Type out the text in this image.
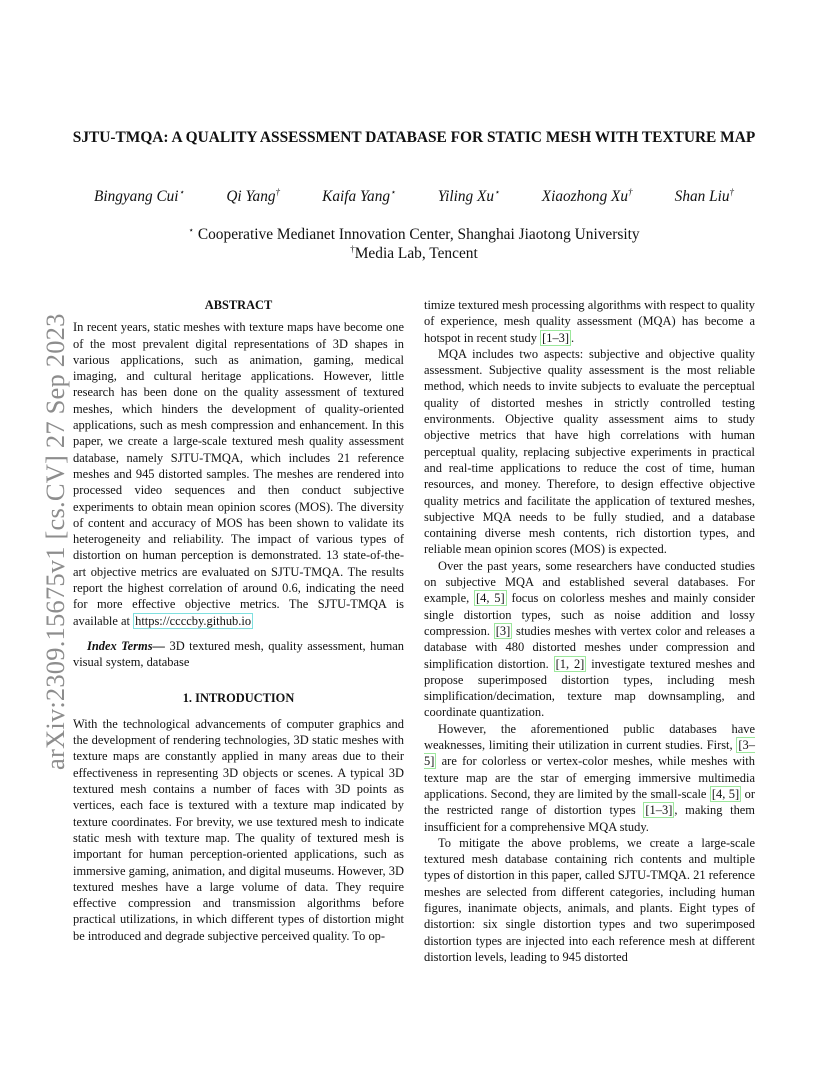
arXiv:2309.15675v1 [cs.CV] 27 Sep 2023
SJTU-TMQA: A QUALITY ASSESSMENT DATABASE FOR STATIC MESH WITH TEXTURE MAP
Bingyang Cui⋆	Qi Yang†	Kaifa Yang⋆	Yiling Xu⋆	Xiaozhong Xu†	Shan Liu†
⋆ Cooperative Medianet Innovation Center, Shanghai Jiaotong University
†Media Lab, Tencent
ABSTRACT

In recent years, static meshes with texture maps have become one of the most prevalent digital representations of 3D shapes in various applications, such as animation, gaming, medical imaging, and cultural heritage applications. However, little research has been done on the quality assessment of textured meshes, which hinders the development of quality-oriented applications, such as mesh compression and enhancement. In this paper, we create a large-scale textured mesh quality assessment database, namely SJTU-TMQA, which includes 21 reference meshes and 945 distorted samples. The meshes are rendered into processed video sequences and then conduct subjective experiments to obtain mean opinion scores (MOS). The diversity of content and accuracy of MOS has been shown to validate its heterogeneity and reliability. The impact of various types of distortion on human perception is demonstrated. 13 state-of-the-art objective metrics are evaluated on SJTU-TMQA. The results report the highest correlation of around 0.6, indicating the need for more effective objective metrics. The SJTU-TMQA is available at https://ccccby.github.io

Index Terms— 3D textured mesh, quality assessment, human visual system, database

1. INTRODUCTION

With the technological advancements of computer graphics and the development of rendering technologies, 3D static meshes with texture maps are constantly applied in many areas due to their effectiveness in representing 3D objects or scenes. A typical 3D textured mesh contains a number of faces with 3D points as vertices, each face is textured with a texture map indicated by texture coordinates. For brevity, we use textured mesh to indicate static mesh with texture map. The quality of textured mesh is important for human perception-oriented applications, such as immersive gaming, animation, and digital museums. However, 3D textured meshes have a large volume of data. They require effective compression and transmission algorithms before practical utilizations, in which different types of distortion might be introduced and degrade subjective perceived quality. To op-

timize textured mesh processing algorithms with respect to quality of experience, mesh quality assessment (MQA) has become a hotspot in recent study [1–3] .

MQA includes two aspects: subjective and objective quality assessment. Subjective quality assessment is the most reliable method, which needs to invite subjects to evaluate the perceptual quality of distorted meshes in strictly controlled testing environments. Objective quality assessment aims to study objective metrics that have high correlations with human perceptual quality, replacing subjective experiments in practical and real-time applications to reduce the cost of time, human resources, and money. Therefore, to design effective objective quality metrics and facilitate the application of textured meshes, subjective MQA needs to be fully studied, and a database containing diverse mesh contents, rich distortion types, and reliable mean opinion scores (MOS) is expected.

Over the past years, some researchers have conducted studies on subjective MQA and established several databases. For example, [4, 5] focus on colorless meshes and mainly consider single distortion types, such as noise addition and lossy compression. [3] studies meshes with vertex color and releases a database with 480 distorted meshes under compression and simplification distortion. [1, 2] investigate textured meshes and propose superimposed distortion types, including mesh simplification/decimation, texture map downsampling, and coordinate quantization.

However, the aforementioned public databases have weaknesses, limiting their utilization in current studies. First, [3–5] are for colorless or vertex-color meshes, while meshes with texture map are the star of emerging immersive multimedia applications. Second, they are limited by the small-scale [4, 5] or the restricted range of distortion types [1–3] , making them insufficient for a comprehensive MQA study.

To mitigate the above problems, we create a large-scale textured mesh database containing rich contents and multiple types of distortion in this paper, called SJTU-TMQA. 21 reference meshes are selected from different categories, including human figures, inanimate objects, animals, and plants. Eight types of distortion: six single distortion types and two superimposed distortion types are injected into each reference mesh at different distortion levels, leading to 945 distorted
